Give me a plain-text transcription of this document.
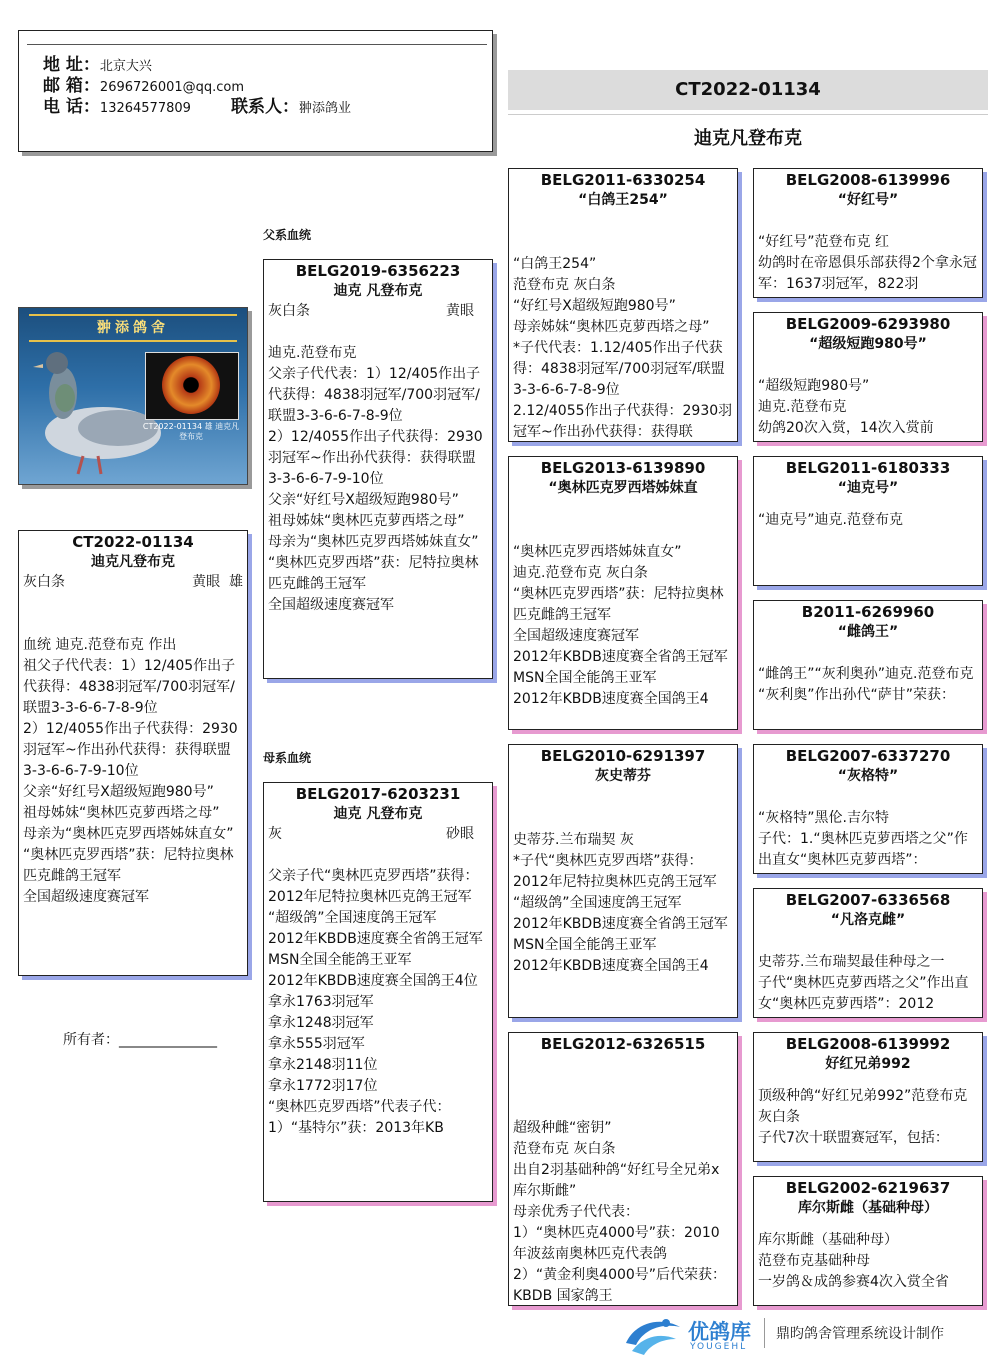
地 址：北京大兴
邮 箱：2696726001@qq.com
电 话：13264577809 联系人：翀添鸽业
CT2022-01134
迪克凡登布克
翀添鸽舍
CT2022-01134 雄 迪克凡登布克
CT2022-01134
迪克凡登布克
灰白条	黄眼 雄
血统 迪克.范登布克 作出
祖父子代代表：1）12/405作出子代获得：4838羽冠军/700羽冠军/联盟3-3-6-6-7-8-9位
2）12/4055作出子代获得：2930羽冠军~作出孙代获得：获得联盟3-3-6-6-7-9-10位
父亲“好红号X超级短跑980号”
祖母姊妹“奥林匹克萝西塔之母”
母亲为“奥林匹克罗西塔姊妹直女”
“奥林匹克罗西塔”获：尼特拉奥林匹克雌鸽王冠军
全国超级速度赛冠军
所有者：______________
父系血统
母系血统
BELG2019-6356223
迪克 凡登布克
灰白条	黄眼
迪克.范登布克
父亲子代代表：1）12/405作出子代获得：4838羽冠军/700羽冠军/联盟3-3-6-6-7-8-9位
2）12/4055作出子代获得：2930羽冠军~作出孙代获得：获得联盟3-3-6-6-7-9-10位
父亲“好红号X超级短跑980号”
祖母姊妹“奥林匹克萝西塔之母”
母亲为“奥林匹克罗西塔姊妹直女”
“奥林匹克罗西塔”获：尼特拉奥林匹克雌鸽王冠军
全国超级速度赛冠军
BELG2017-6203231
迪克 凡登布克
灰	砂眼
父亲子代“奥林匹克罗西塔”获得：2012年尼特拉奥林匹克鸽王冠军
“超级鸽”全国速度鸽王冠军
2012年KBDB速度赛全省鸽王冠军
MSN全国全能鸽王亚军
2012年KBDB速度赛全国鸽王4位
拿永1763羽冠军
拿永1248羽冠军
拿永555羽冠军
拿永2148羽11位
拿永1772羽17位
“奥林匹克罗西塔”代表子代：
1）“基特尔”获：2013年KB
BELG2011-6330254
“白鸽王254”
“白鸽王254”
范登布克 灰白条
“好红号X超级短跑980号”
母亲姊妹“奥林匹克萝西塔之母”
*子代代表：1.12/405作出子代获得：4838羽冠军/700羽冠军/联盟3-3-6-6-7-8-9位
2.12/4055作出子代获得：2930羽冠军~作出孙代获得：获得联
BELG2013-6139890
“奥林匹克罗西塔姊妹直
“奥林匹克罗西塔姊妹直女”
迪克.范登布克 灰白条
“奥林匹克罗西塔”获：尼特拉奥林匹克雌鸽王冠军
全国超级速度赛冠军
2012年KBDB速度赛全省鸽王冠军
MSN全国全能鸽王亚军
2012年KBDB速度赛全国鸽王4
BELG2010-6291397
灰史蒂芬
史蒂芬.兰布瑞契 灰
*子代“奥林匹克罗西塔”获得：2012年尼特拉奥林匹克鸽王冠军
“超级鸽”全国速度鸽王冠军
2012年KBDB速度赛全省鸽王冠军
MSN全国全能鸽王亚军
2012年KBDB速度赛全国鸽王4
BELG2012-6326515
超级种雌“密钥”
范登布克 灰白条
出自2羽基础种鸽“好红号全兄弟x库尔斯雌”
母亲优秀子代代表：
1）“奥林匹克4000号”获：2010年波兹南奥林匹克代表鸽
2）“黄金利奥4000号”后代荣获： KBDB 国家鸽王
BELG2008-6139996
“好红号”
“好红号”范登布克 红
幼鸽时在帝恩俱乐部获得2个拿永冠军：1637羽冠军，822羽
BELG2009-6293980
“超级短跑980号”
“超级短跑980号”
迪克.范登布克
幼鸽20次入赏，14次入赏前
BELG2011-6180333
“迪克号”
“迪克号”迪克.范登布克
B2011-6269960
“雌鸽王”
“雌鸽王”“灰利奥孙”迪克.范登布克
“灰利奥”作出孙代“萨甘”荣获：
BELG2007-6337270
“灰格特”
“灰格特”黑伦.吉尔特
子代：1.“奥林匹克萝西塔之父”作出直女“奥林匹克萝西塔”：
BELG2007-6336568
“凡洛克雌”
史蒂芬.兰布瑞契最佳种母之一
子代“奥林匹克萝西塔之父”作出直女“奥林匹克萝西塔”：2012
BELG2008-6139992
好红兄弟992
顶级种鸽“好红兄弟992”范登布克 灰白条
子代7次十联盟赛冠军，包括：
BELG2002-6219637
库尔斯雌（基础种母）
库尔斯雌（基础种母）
范登布克基础种母
一岁鸽＆成鸽参赛4次入赏全省
优鸽库
YOUGEHL
鼎昀鸽舍管理系统设计制作
